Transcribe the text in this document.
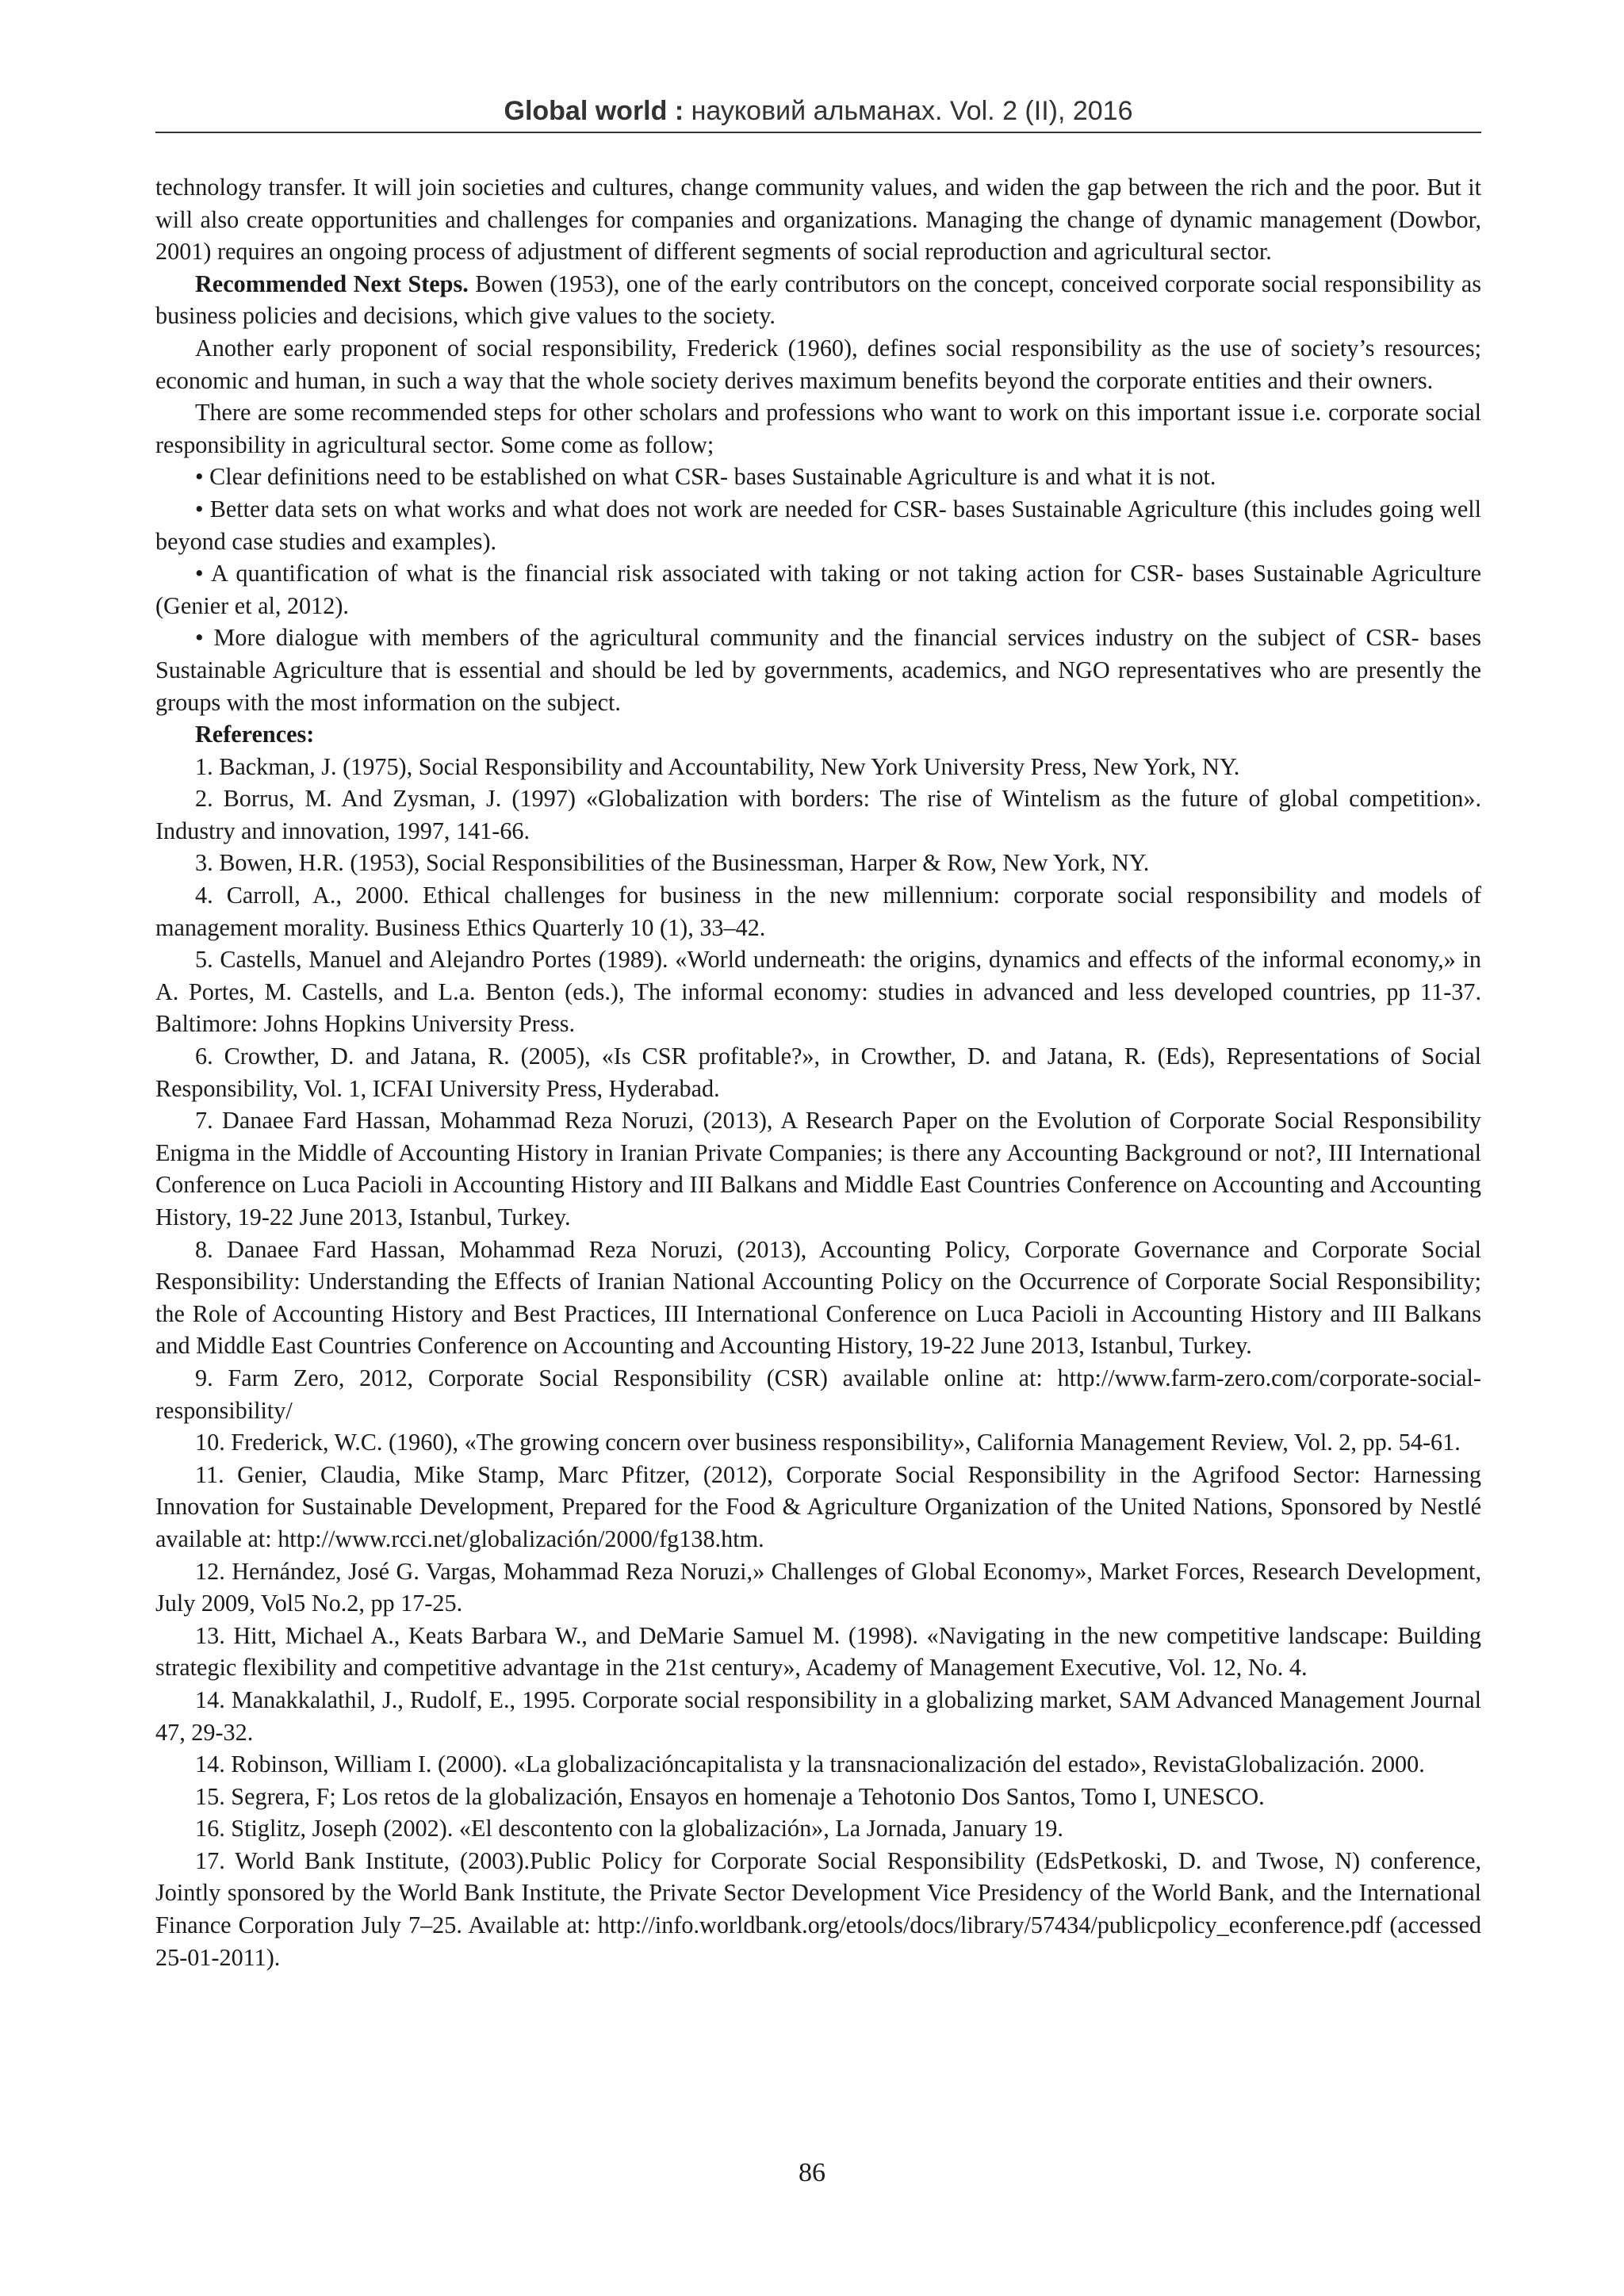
Global world : науковий альманах. Vol. 2 (II), 2016

technology transfer. It will join societies and cultures, change community values, and widen the gap between the rich and the poor. But it will also create opportunities and challenges for companies and organizations. Managing the change of dynamic management (Dowbor, 2001) requires an ongoing process of adjustment of different segments of social reproduction and agricultural sector.

Recommended Next Steps. Bowen (1953), one of the early contributors on the concept, conceived corporate social responsibility as business policies and decisions, which give values to the society.

Another early proponent of social responsibility, Frederick (1960), defines social responsibility as the use of society’s resources; economic and human, in such a way that the whole society derives maximum benefits beyond the corporate entities and their owners.

There are some recommended steps for other scholars and professions who want to work on this important issue i.e. corporate social responsibility in agricultural sector. Some come as follow;

• Clear definitions need to be established on what CSR- bases Sustainable Agriculture is and what it is not.

• Better data sets on what works and what does not work are needed for CSR- bases Sustainable Agriculture (this includes going well beyond case studies and examples).

• A quantification of what is the financial risk associated with taking or not taking action for CSR- bases Sustainable Agriculture (Genier et al, 2012).

• More dialogue with members of the agricultural community and the financial services industry on the subject of CSR- bases Sustainable Agriculture that is essential and should be led by governments, academics, and NGO representatives who are presently the groups with the most information on the subject.

References:

1. Backman, J. (1975), Social Responsibility and Accountability, New York University Press, New York, NY.
2. Borrus, M. And Zysman, J. (1997) «Globalization with borders: The rise of Wintelism as the future of global competition». Industry and innovation, 1997, 141-66.
3. Bowen, H.R. (1953), Social Responsibilities of the Businessman, Harper & Row, New York, NY.
4. Carroll, A., 2000. Ethical challenges for business in the new millennium: corporate social responsibility and models of management morality. Business Ethics Quarterly 10 (1), 33–42.
5. Castells, Manuel and Alejandro Portes (1989). «World underneath: the origins, dynamics and effects of the informal economy,» in A. Portes, M. Castells, and L.a. Benton (eds.), The informal economy: studies in advanced and less developed countries, pp 11-37. Baltimore: Johns Hopkins University Press.
6. Crowther, D. and Jatana, R. (2005), «Is CSR profitable?», in Crowther, D. and Jatana, R. (Eds), Representations of Social Responsibility, Vol. 1, ICFAI University Press, Hyderabad.
7. Danaee Fard Hassan, Mohammad Reza Noruzi, (2013), A Research Paper on the Evolution of Corporate Social Responsibility Enigma in the Middle of Accounting History in Iranian Private Companies; is there any Accounting Background or not?, III International Conference on Luca Pacioli in Accounting History and III Balkans and Middle East Countries Conference on Accounting and Accounting History, 19-22 June 2013, Istanbul, Turkey.
8. Danaee Fard Hassan, Mohammad Reza Noruzi, (2013), Accounting Policy, Corporate Governance and Corporate Social Responsibility: Understanding the Effects of Iranian National Accounting Policy on the Occurrence of Corporate Social Responsibility; the Role of Accounting History and Best Practices, III International Conference on Luca Pacioli in Accounting History and III Balkans and Middle East Countries Conference on Accounting and Accounting History, 19-22 June 2013, Istanbul, Turkey.
9. Farm Zero, 2012, Corporate Social Responsibility (CSR) available online at: http://www.farm-zero.com/corporate-social-responsibility/
10. Frederick, W.C. (1960), «The growing concern over business responsibility», California Management Review, Vol. 2, pp. 54-61.
11. Genier, Claudia, Mike Stamp, Marc Pfitzer, (2012), Corporate Social Responsibility in the Agrifood Sector: Harnessing Innovation for Sustainable Development, Prepared for the Food & Agriculture Organization of the United Nations, Sponsored by Nestlé available at: http://www.rcci.net/globalización/2000/fg138.htm.
12. Hernández, José G. Vargas, Mohammad Reza Noruzi,» Challenges of Global Economy», Market Forces, Research Development, July 2009, Vol5 No.2, pp 17-25.
13. Hitt, Michael A., Keats Barbara W., and DeMarie Samuel M. (1998). «Navigating in the new competitive landscape: Building strategic flexibility and competitive advantage in the 21st century», Academy of Management Executive, Vol. 12, No. 4.
14. Manakkalathil, J., Rudolf, E., 1995. Corporate social responsibility in a globalizing market, SAM Advanced Management Journal 47, 29-32.
14. Robinson, William I. (2000). «La globalizacióncapitalista y la transnacionalización del estado», RevistaGlobalización. 2000.
15. Segrera, F; Los retos de la globalización, Ensayos en homenaje a Tehotonio Dos Santos, Tomo I, UNESCO.
16. Stiglitz, Joseph (2002). «El descontento con la globalización», La Jornada, January 19.
17. World Bank Institute, (2003).Public Policy for Corporate Social Responsibility (EdsPetkoski, D. and Twose, N) conference, Jointly sponsored by the World Bank Institute, the Private Sector Development Vice Presidency of the World Bank, and the International Finance Corporation July 7–25. Available at: http://info.worldbank.org/etools/docs/library/57434/publicpolicy_econference.pdf (accessed 25-01-2011).
86
